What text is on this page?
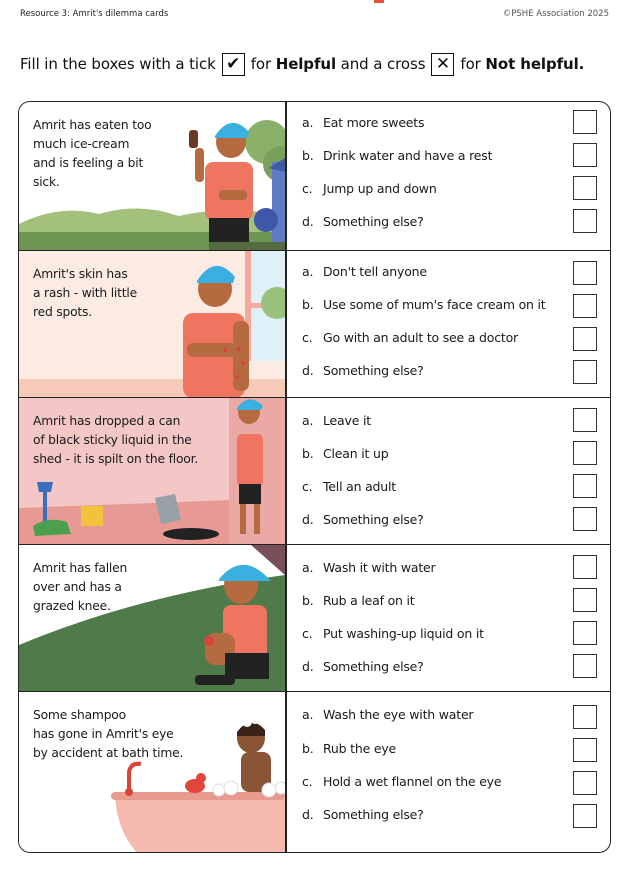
Resource 3: Amrit's dilemma cards	©PSHE Association 2025
Fill in the boxes with a tick ✔ for
Helpful
and a cross ✕ for
Not helpful.
Amrit has eaten too
much ice-cream
and is feeling a bit
sick.
a. Eat more sweets
b. Drink water and have a rest
c. Jump up and down
d. Something else?
Amrit's skin has
a rash - with little
red spots.
a. Don't tell anyone
b. Use some of mum's face cream on it
c. Go with an adult to see a doctor
d. Something else?
Amrit has dropped a can
of black sticky liquid in the
shed - it is spilt on the floor.
a. Leave it
b. Clean it up
c. Tell an adult
d. Something else?
Amrit has fallen
over and has a
grazed knee.
a. Wash it with water
b. Rub a leaf on it
c. Put washing-up liquid on it
d. Something else?
Some shampoo
has gone in Amrit's eye
by accident at bath time.
a. Wash the eye with water
b. Rub the eye
c. Hold a wet flannel on the eye
d. Something else?
